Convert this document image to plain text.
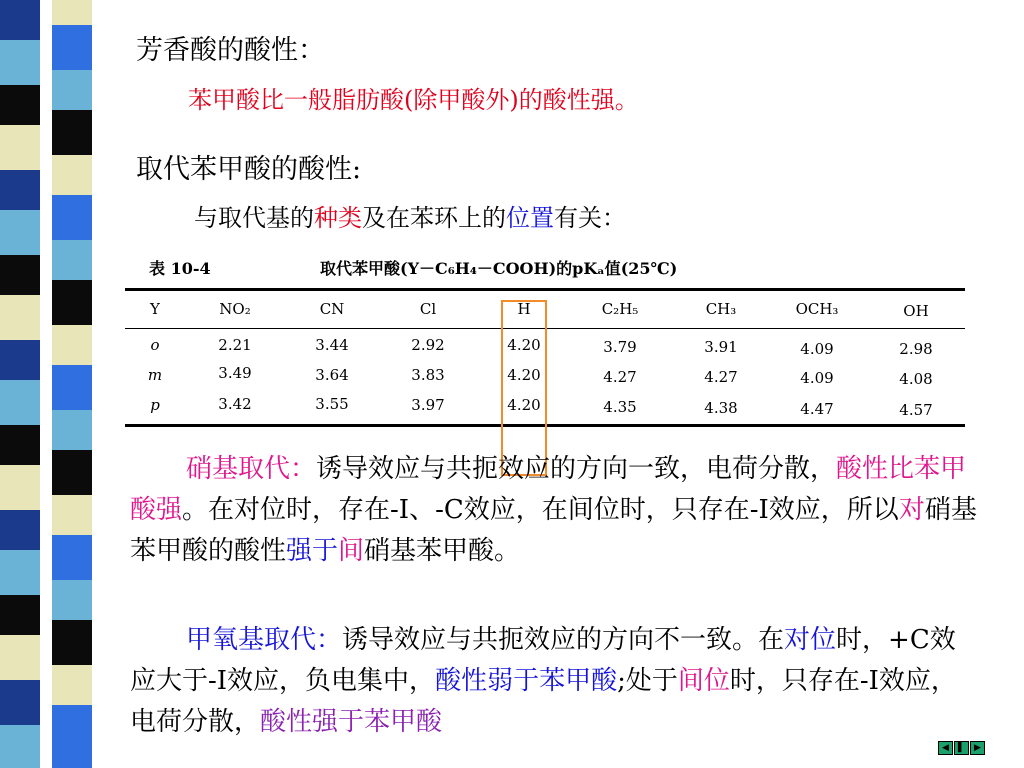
芳香酸的酸性：
苯甲酸比一般脂肪酸(除甲酸外)的酸性强。
取代苯甲酸的酸性:
与取代基的种类及在苯环上的位置有关：
表 10-4	取代苯甲酸(Y－C₆H₄－COOH)的pKₐ值(25℃)
Y	NO₂	CN	Cl	H	C₂H₅	CH₃	OCH₃	OH
o	2.21	3.44	2.92	4.20	3.79	3.91	4.09	2.98
m	3.49	3.64	3.83	4.20	4.27	4.27	4.09	4.08
p	3.42	3.55	3.97	4.20	4.35	4.38	4.47	4.57
硝基取代：诱导效应与共扼效应的方向一致，电荷分散，酸性比苯甲酸强。在对位时，存在-I、-C效应，在间位时，只存在-I效应，所以对硝基苯甲酸的酸性强于间硝基苯甲酸。
甲氧基取代：诱导效应与共扼效应的方向不一致。在对位时，+C效应大于-I效应，负电集中，酸性弱于苯甲酸;处于间位时，只存在-I效应，电荷分散，酸性强于苯甲酸
◀	▌	▶
